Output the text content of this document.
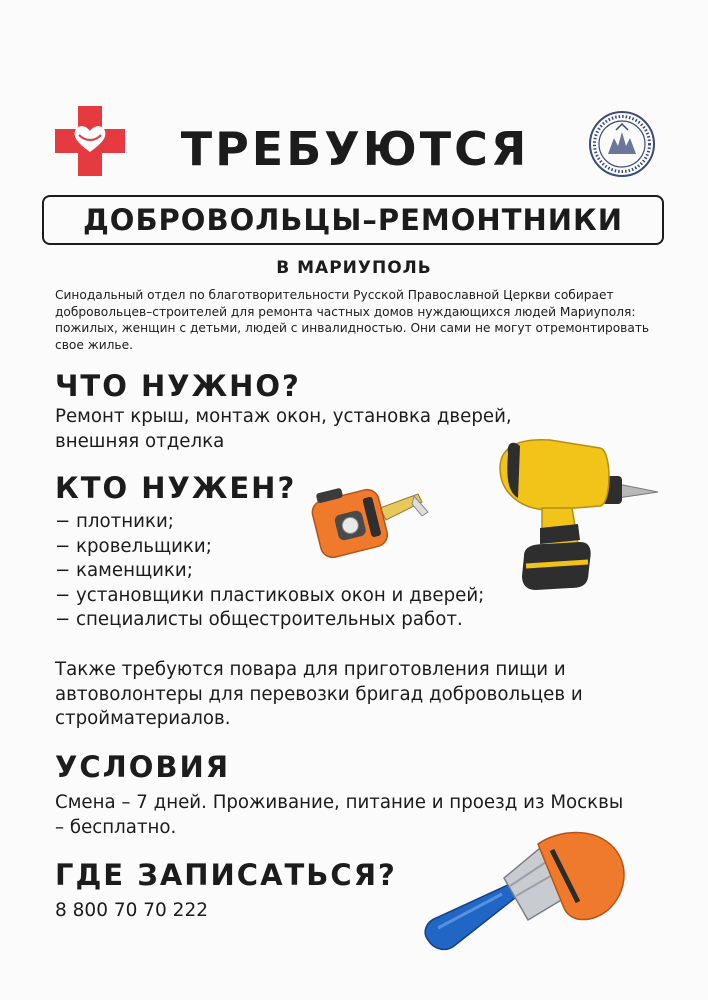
ТРЕБУЮТСЯ
ДОБРОВОЛЬЦЫ–РЕМОНТНИКИ
В МАРИУПОЛЬ
Синодальный отдел по благотворительности Русской Православной Церкви собирает добровольцев–строителей для ремонта частных домов нуждающихся людей Мариуполя: пожилых, женщин с детьми, людей с инвалидностью. Они сами не могут отремонтировать свое жилье.
ЧТО НУЖНО?
Ремонт крыш, монтаж окон, установка дверей, внешняя отделка
КТО НУЖЕН?
− плотники;
− кровельщики;
− каменщики;
− установщики пластиковых окон и дверей;
− специалисты общестроительных работ.
Также требуются повара для приготовления пищи и автоволонтеры для перевозки бригад добровольцев и стройматериалов.
УСЛОВИЯ
Смена – 7 дней. Проживание, питание и проезд из Москвы – бесплатно.
ГДЕ ЗАПИСАТЬСЯ?
8 800 70 70 222
